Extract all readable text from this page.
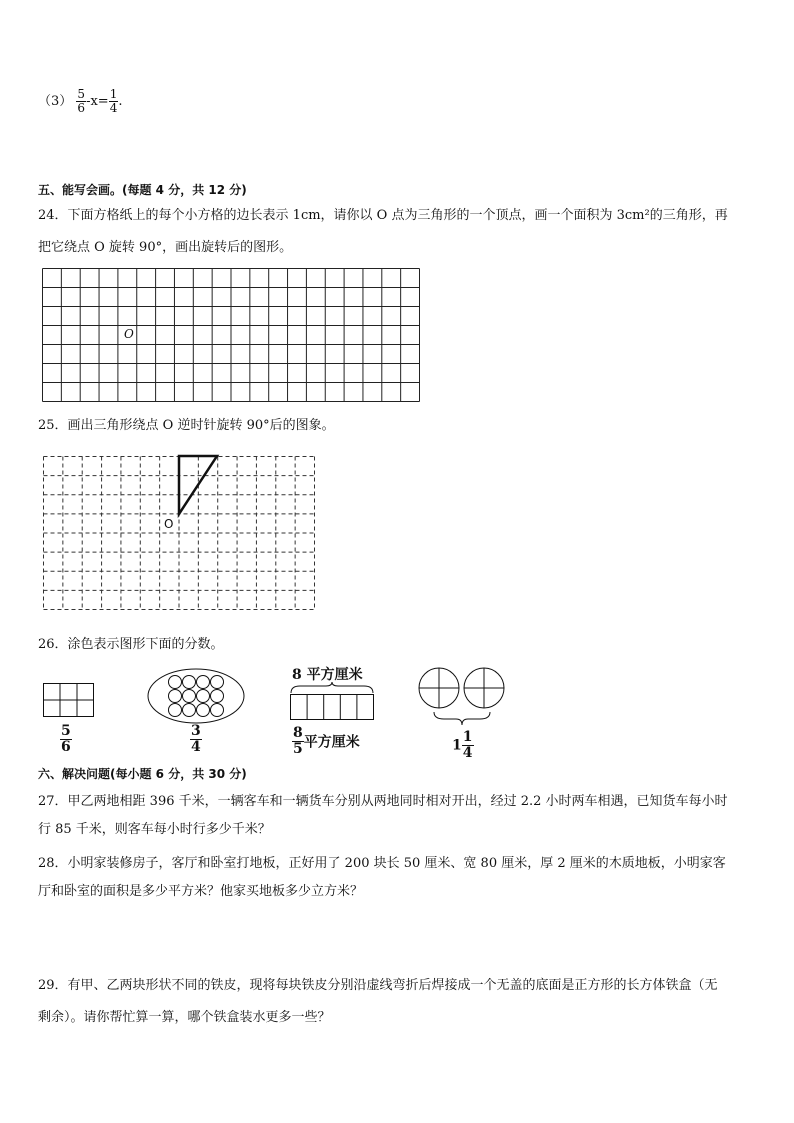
$(3) \frac{5}{6} -x= \frac{1}{4}$ .
五、能写会画。(每题 4 分，共 12 分)
24．下面方格纸上的每个小方格的边长表示 1cm，请你以 O 点为三角形的一个顶点，画一个面积为 3cm²的三角形，再
把它绕点 O 旋转 90°，画出旋转后的图形。
O
25．画出三角形绕点 O 逆时针旋转 90°后的图象。
O
26．涂色表示图形下面的分数。
$\frac{5}{6}$	$\frac{3}{4}$
8 平方厘米
$\frac{8}{5}$ 平方厘米	$1 \frac{1}{4}$
六、解决问题(每小题 6 分，共 30 分)
27．甲乙两地相距 396 千米，一辆客车和一辆货车分别从两地同时相对开出，经过 2.2 小时两车相遇，已知货车每小时
行 85 千米，则客车每小时行多少千米？
28．小明家装修房子，客厅和卧室打地板，正好用了 200 块长 50 厘米、宽 80 厘米，厚 2 厘米的木质地板，小明家客
厅和卧室的面积是多少平方米？他家买地板多少立方米？
29．有甲、乙两块形状不同的铁皮，现将每块铁皮分别沿虚线弯折后焊接成一个无盖的底面是正方形的长方体铁盒（无
剩余）。请你帮忙算一算，哪个铁盒装水更多一些？
